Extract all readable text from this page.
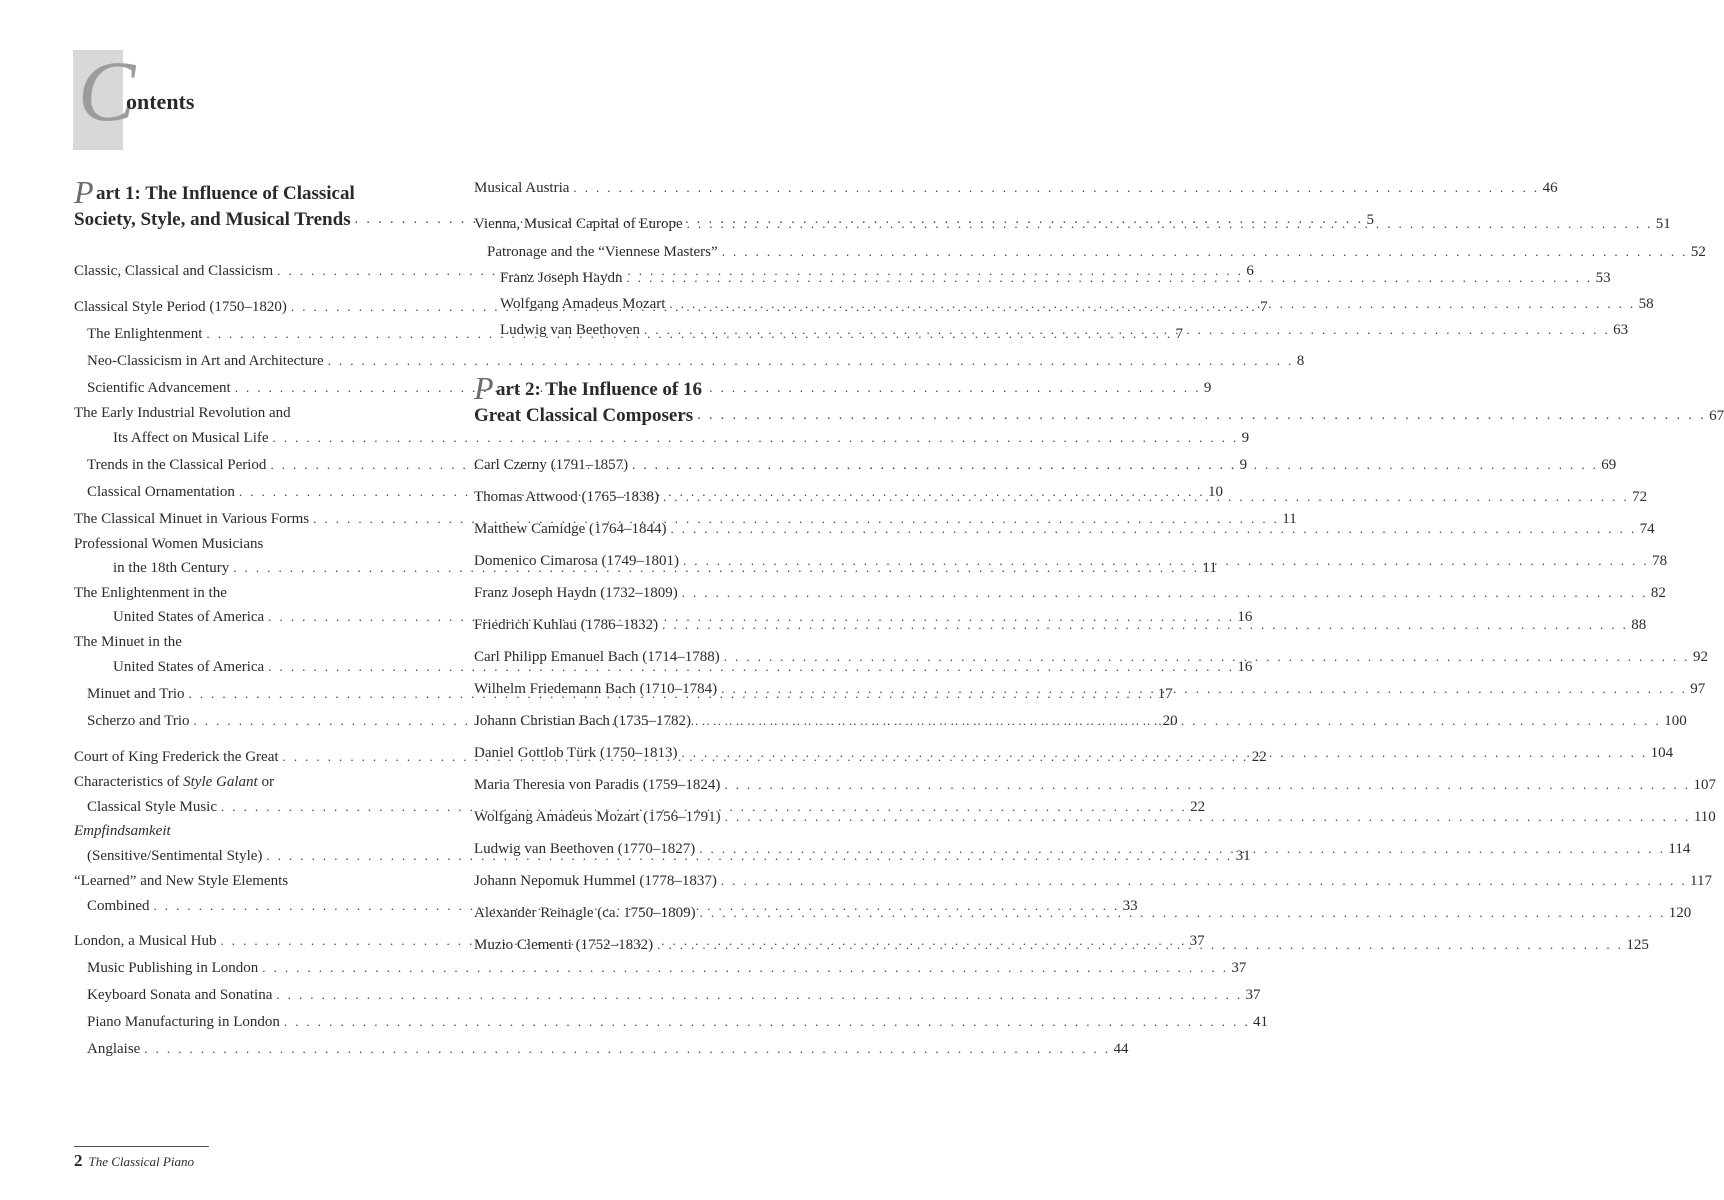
C
ontents
Part 1: The Influence of Classical
Society, Style, and Musical Trends . . .	5
Classic, Classical and Classicism . . .	6
Classical Style Period (1750–1820) . . .	7
The Enlightenment . . .	7
Neo-Classicism in Art and Architecture . . .	8
Scientific Advancement . . .	9
The Early Industrial Revolution and
Its Affect on Musical Life . . .	9
Trends in the Classical Period . . .	9
Classical Ornamentation . . .	10
The Classical Minuet in Various Forms . . .	11
Professional Women Musicians
in the 18th Century . . .	11
The Enlightenment in the
United States of America . . .	16
The Minuet in the
United States of America . . .	16
Minuet and Trio . . .	17
Scherzo and Trio . . .	20
Court of King Frederick the Great . . .	22
Characteristics of Style Galant or
Classical Style Music . . .	22
Empfindsamkeit
(Sensitive/Sentimental Style) . . .	31
“Learned” and New Style Elements
Combined . . .	33
London, a Musical Hub . . .	37
Music Publishing in London . . .	37
Keyboard Sonata and Sonatina . . .	37
Piano Manufacturing in London . . .	41
Anglaise . . .	44
Musical Austria . . .	46
Vienna, Musical Capital of Europe . . .	51
Patronage and the “Viennese Masters” . . .	52
Franz Joseph Haydn . . .	53
Wolfgang Amadeus Mozart . . .	58
Ludwig van Beethoven . . .	63
Part 2: The Influence of 16
Great Classical Composers . . .	67
Carl Czerny (1791–1857) . . .	69
Thomas Attwood (1765–1838) . . .	72
Matthew Camidge (1764–1844) . . .	74
Domenico Cimarosa (1749–1801) . . .	78
Franz Joseph Haydn (1732–1809) . . .	82
Friedrich Kuhlau (1786–1832) . . .	88
Carl Philipp Emanuel Bach (1714–1788) . . .	92
Wilhelm Friedemann Bach (1710–1784) . . .	97
Johann Christian Bach (1735–1782) . . .	100
Daniel Gottlob Türk (1750–1813) . . .	104
Maria Theresia von Paradis (1759–1824) . . .	107
Wolfgang Amadeus Mozart (1756–1791) . . .	110
Ludwig van Beethoven (1770–1827) . . .	114
Johann Nepomuk Hummel (1778–1837) . . .	117
Alexander Reinagle (ca. 1750–1809) . . .	120
Muzio Clementi (1752–1832) . . .	125
2 The Classical Piano
